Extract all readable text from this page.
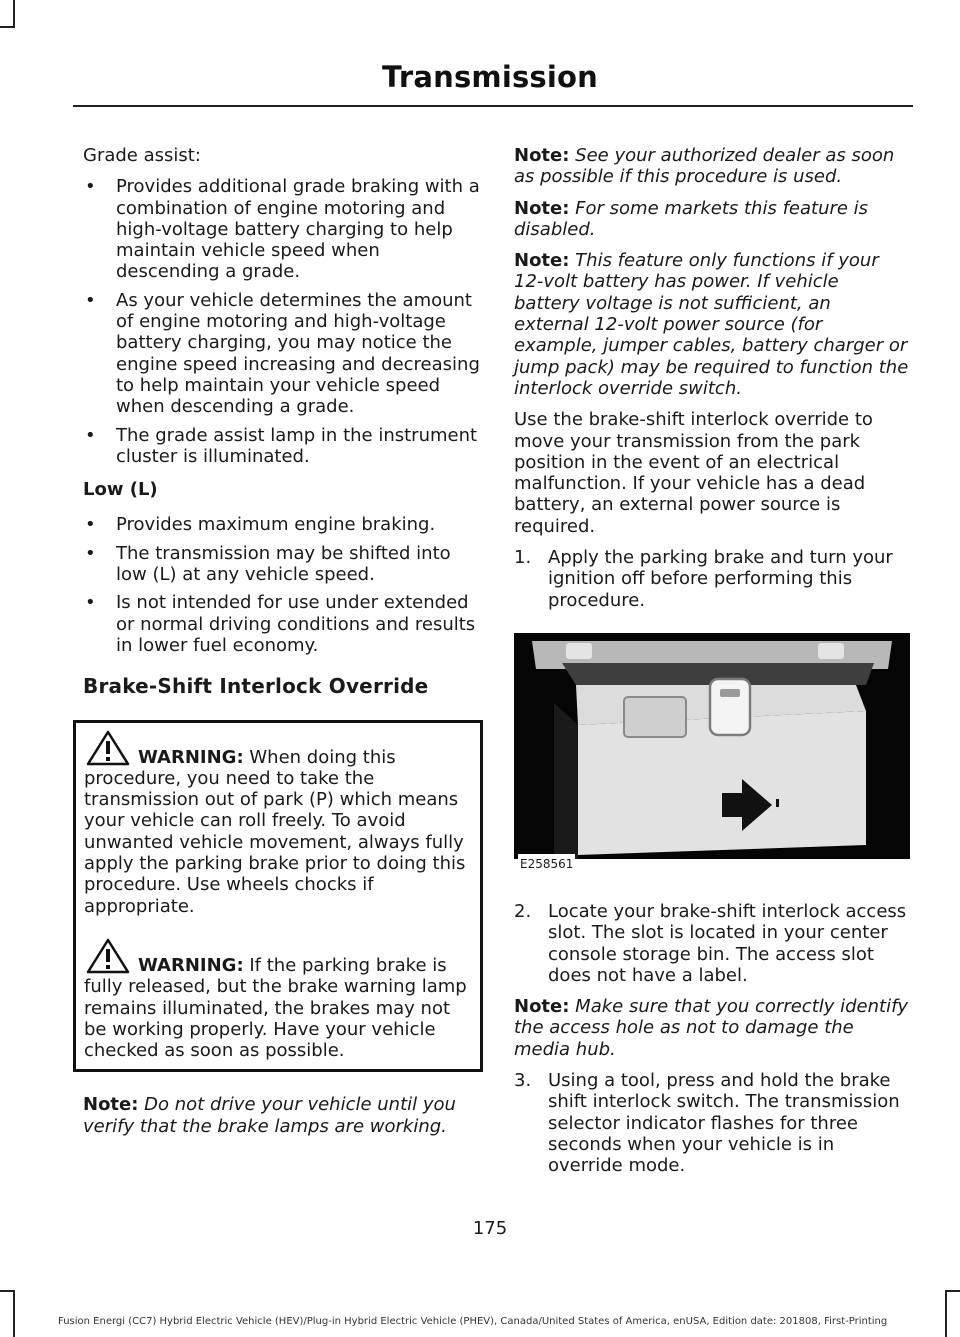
Transmission

Grade assist:

• Provides additional grade braking with a combination of engine motoring and high-voltage battery charging to help maintain vehicle speed when descending a grade.
• As your vehicle determines the amount of engine motoring and high-voltage battery charging, you may notice the engine speed increasing and decreasing to help maintain your vehicle speed when descending a grade.
• The grade assist lamp in the instrument cluster is illuminated.
Low (L)
• Provides maximum engine braking.
• The transmission may be shifted into low (L) at any vehicle speed.
• Is not intended for use under extended or normal driving conditions and results in lower fuel economy.
Brake-Shift Interlock Override

WARNING: When doing this procedure, you need to take the transmission out of park (P) which means your vehicle can roll freely. To avoid unwanted vehicle movement, always fully apply the parking brake prior to doing this procedure. Use wheels chocks if appropriate.

WARNING: If the parking brake is fully released, but the brake warning lamp remains illuminated, the brakes may not be working properly. Have your vehicle checked as soon as possible.

Note: Do not drive your vehicle until you verify that the brake lamps are working.

Note: See your authorized dealer as soon as possible if this procedure is used.

Note: For some markets this feature is disabled.

Note: This feature only functions if your 12-volt battery has power. If vehicle battery voltage is not sufficient, an external 12-volt power source (for example, jumper cables, battery charger or jump pack) may be required to function the interlock override switch.

Use the brake-shift interlock override to move your transmission from the park position in the event of an electrical malfunction. If your vehicle has a dead battery, an external power source is required.

1. Apply the parking brake and turn your ignition off before performing this procedure.
E258561
2. Locate your brake-shift interlock access slot. The slot is located in your center console storage bin. The access slot does not have a label.

Note: Make sure that you correctly identify the access hole as not to damage the media hub.

3. Using a tool, press and hold the brake shift interlock switch. The transmission selector indicator flashes for three seconds when your vehicle is in override mode.

175

Fusion Energi (CC7) Hybrid Electric Vehicle (HEV)/Plug-in Hybrid Electric Vehicle (PHEV), Canada/United States of America, enUSA, Edition date: 201808, First-Printing
